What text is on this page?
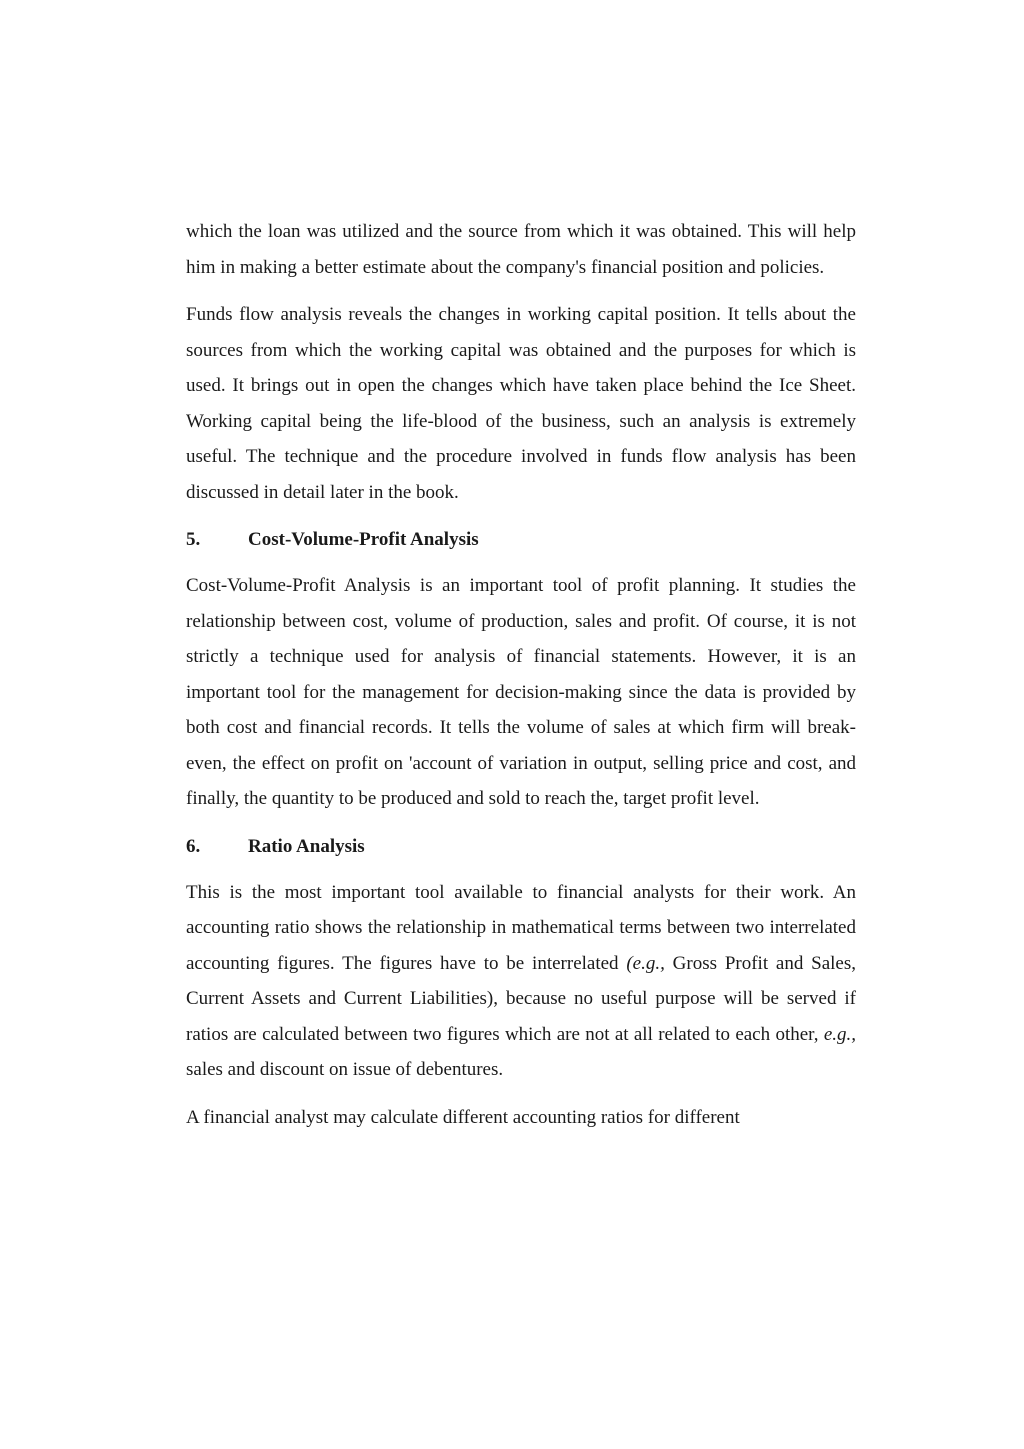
which the loan was utilized and the source from which it was obtained. This will help him in making a better estimate about the company's financial position and policies.

Funds flow analysis reveals the changes in working capital position. It tells about the sources from which the working capital was obtained and the purposes for which is used. It brings out in open the changes which have taken place behind the Ice Sheet. Working capital being the life-blood of the business, such an analysis is extremely useful. The technique and the procedure involved in funds flow analysis has been discussed in detail later in the book.

5.	Cost-Volume-Profit Analysis

Cost-Volume-Profit Analysis is an important tool of profit planning. It studies the relationship between cost, volume of production, sales and profit. Of course, it is not strictly a technique used for analysis of financial statements. However, it is an important tool for the management for decision-making since the data is provided by both cost and financial records. It tells the volume of sales at which firm will break-even, the effect on profit on 'account of variation in output, selling price and cost, and finally, the quantity to be produced and sold to reach the, target profit level.

6.	Ratio Analysis

This is the most important tool available to financial analysts for their work. An accounting ratio shows the relationship in mathematical terms between two interrelated accounting figures. The figures have to be interrelated (e.g., Gross Profit and Sales, Current Assets and Current Liabilities), because no useful purpose will be served if ratios are calculated between two figures which are not at all related to each other, e.g., sales and discount on issue of debentures.

A financial analyst may calculate different accounting ratios for different
